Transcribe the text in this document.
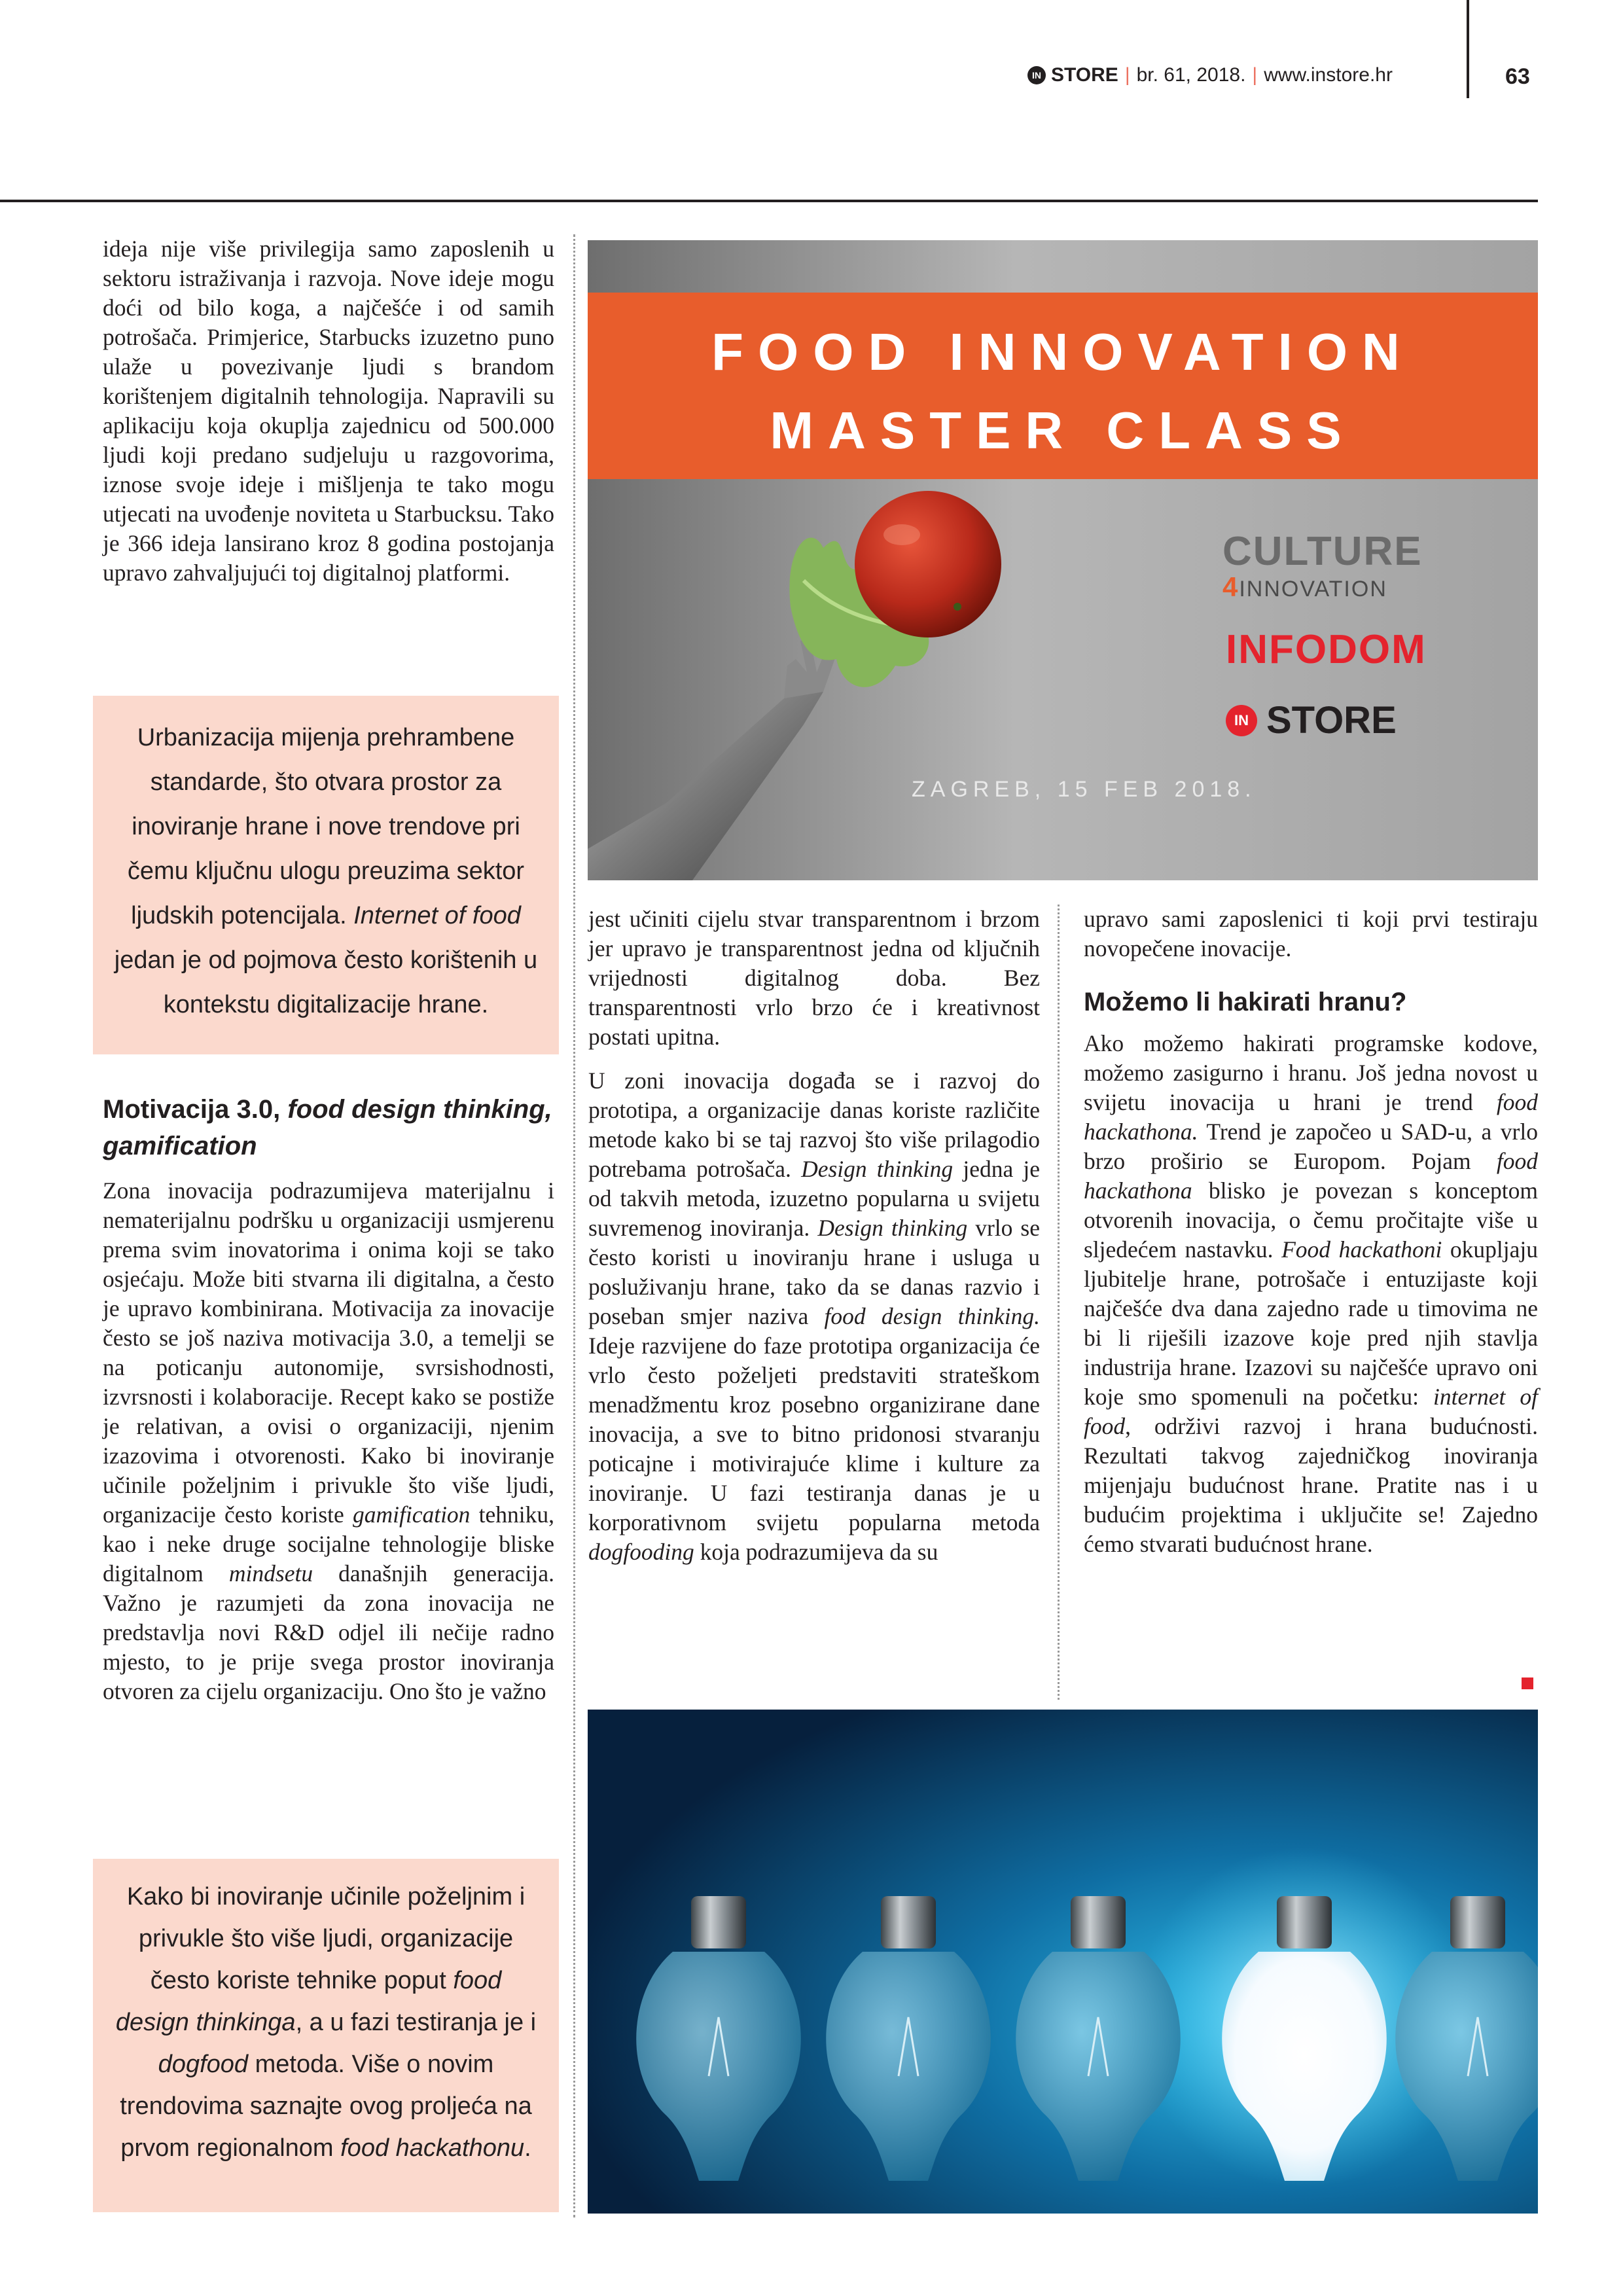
IN STORE | br. 61, 2018. | www.instore.hr	63

ideja nije više privilegija samo zaposlenih u sektoru istraživanja i razvoja. Nove ideje mogu doći od bilo koga, a najčešće i od samih potrošača. Primjerice, Starbucks izuzetno puno ulaže u povezivanje ljudi s brandom korištenjem digitalnih tehnologija. Napravili su aplikaciju koja okuplja zajednicu od 500.000 ljudi koji predano sudjeluju u razgovorima, iznose svoje ideje i mišljenja te tako mogu utjecati na uvođenje noviteta u Starbucksu. Tako je 366 ideja lansirano kroz 8 godina postojanja upravo zahvaljujući toj digitalnoj platformi.

Urbanizacija mijenja prehrambene standarde, što otvara prostor za inoviranje hrane i nove trendove pri čemu ključnu ulogu preuzima sektor ljudskih potencijala. Internet of food jedan je od pojmova često korištenih u kontekstu digitalizacije hrane.
Motivacija 3.0, food design thinking, gamification

Zona inovacija podrazumijeva materijalnu i nematerijalnu podršku u organizaciji usmjerenu prema svim inovatorima i onima koji se tako osjećaju. Može biti stvarna ili digitalna, a često je upravo kombinirana. Motivacija za inovacije često se još naziva motivacija 3.0, a temelji se na poticanju autonomije, svrsishodnosti, izvrsnosti i kolaboracije. Recept kako se postiže je relativan, a ovisi o organizaciji, njenim izazovima i otvorenosti. Kako bi inoviranje učinile poželjnim i privukle što više ljudi, organizacije često koriste gamification tehniku, kao i neke druge socijalne tehnologije bliske digitalnom mindsetu današnjih generacija. Važno je razumjeti da zona inovacija ne predstavlja novi R&D odjel ili nečije radno mjesto, to je prije svega prostor inoviranja otvoren za cijelu organizaciju. Ono što je važno

Kako bi inoviranje učinile poželjnim i privukle što više ljudi, organizacije često koriste tehnike poput food design thinkinga, a u fazi testiranja je i dogfood metoda. Više o novim trendovima saznajte ovog proljeća na prvom regionalnom food hackathonu.
FOOD INNOVATION
MASTER CLASS
CULTURE
4INNOVATION
INFODOM
IN STORE
ZAGREB, 15 FEB 2018.

jest učiniti cijelu stvar transparentnom i brzom jer upravo je transparentnost jedna od ključnih vrijednosti digitalnog doba. Bez transparentnosti vrlo brzo će i kreativnost postati upitna.

U zoni inovacija događa se i razvoj do prototipa, a organizacije danas koriste različite metode kako bi se taj razvoj što više prilagodio potrebama potrošača. Design thinking jedna je od takvih metoda, izuzetno popularna u svijetu suvremenog inoviranja. Design thinking vrlo se često koristi u inoviranju hrane i usluga u posluživanju hrane, tako da se danas razvio i poseban smjer naziva food design thinking. Ideje razvijene do faze prototipa organizacija će vrlo često poželjeti predstaviti strateškom menadžmentu kroz posebno organizirane dane inovacija, a sve to bitno pridonosi stvaranju poticajne i motivirajuće klime i kulture za inoviranje. U fazi testiranja danas je u korporativnom svijetu popularna metoda dogfooding koja podrazumijeva da su

upravo sami zaposlenici ti koji prvi testiraju novopečene inovacije.

Možemo li hakirati hranu?

Ako možemo hakirati programske kodove, možemo zasigurno i hranu. Još jedna novost u svijetu inovacija u hrani je trend food hackathona. Trend je započeo u SAD-u, a vrlo brzo proširio se Europom. Pojam food hackathona blisko je povezan s konceptom otvorenih inovacija, o čemu pročitajte više u sljedećem nastavku. Food hackathoni okupljaju ljubitelje hrane, potrošače i entuzijaste koji najčešće dva dana zajedno rade u timovima ne bi li riješili izazove koje pred njih stavlja industrija hrane. Izazovi su najčešće upravo oni koje smo spomenuli na početku: internet of food, održivi razvoj i hrana budućnosti. Rezultati takvog zajedničkog inoviranja mijenjaju budućnost hrane. Pratite nas i u budućim projektima i uključite se! Zajedno ćemo stvarati budućnost hrane.
